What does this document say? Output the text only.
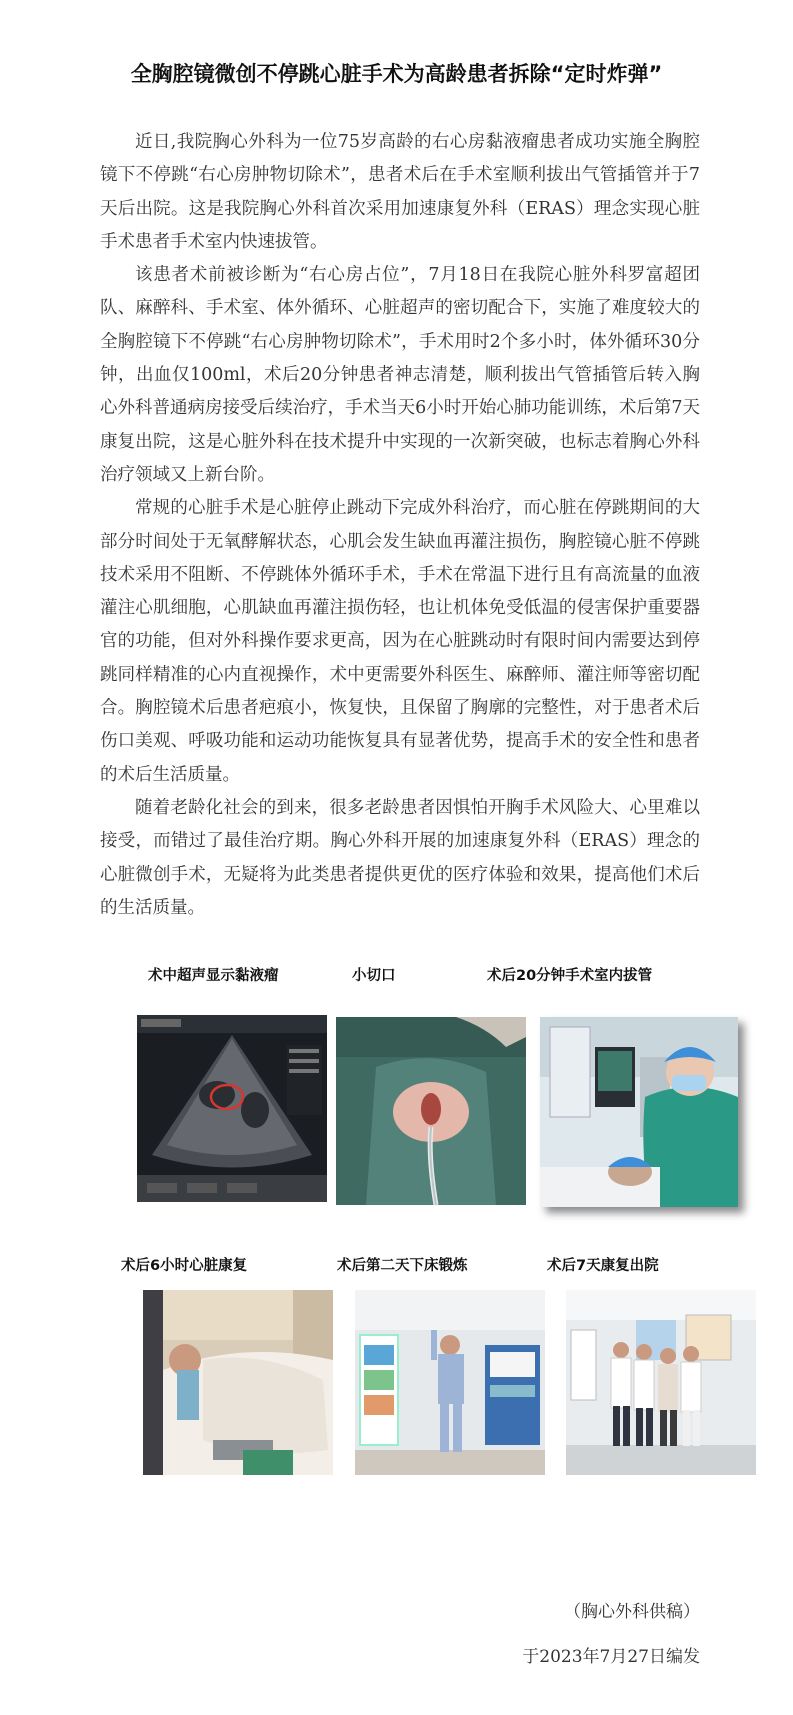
全胸腔镜微创不停跳心脏手术为高龄患者拆除“定时炸弹”

近日,我院胸心外科为一位75岁高龄的右心房黏液瘤患者成功实施全胸腔镜下不停跳“右心房肿物切除术”，患者术后在手术室顺利拔出气管插管并于7天后出院。这是我院胸心外科首次采用加速康复外科（ERAS）理念实现心脏手术患者手术室内快速拔管。

该患者术前被诊断为“右心房占位”，7月18日在我院心脏外科罗富超团队、麻醉科、手术室、体外循环、心脏超声的密切配合下，实施了难度较大的全胸腔镜下不停跳“右心房肿物切除术”，手术用时2个多小时，体外循环30分钟，出血仅100ml，术后20分钟患者神志清楚，顺利拔出气管插管后转入胸心外科普通病房接受后续治疗，手术当天6小时开始心肺功能训练，术后第7天康复出院，这是心脏外科在技术提升中实现的一次新突破，也标志着胸心外科治疗领域又上新台阶。

常规的心脏手术是心脏停止跳动下完成外科治疗，而心脏在停跳期间的大部分时间处于无氧酵解状态，心肌会发生缺血再灌注损伤，胸腔镜心脏不停跳技术采用不阻断、不停跳体外循环手术，手术在常温下进行且有高流量的血液灌注心肌细胞，心肌缺血再灌注损伤轻，也让机体免受低温的侵害保护重要器官的功能，但对外科操作要求更高，因为在心脏跳动时有限时间内需要达到停跳同样精准的心内直视操作，术中更需要外科医生、麻醉师、灌注师等密切配合。胸腔镜术后患者疤痕小，恢复快，且保留了胸廓的完整性，对于患者术后伤口美观、呼吸功能和运动功能恢复具有显著优势，提高手术的安全性和患者的术后生活质量。

随着老龄化社会的到来，很多老龄患者因惧怕开胸手术风险大、心里难以接受，而错过了最佳治疗期。胸心外科开展的加速康复外科（ERAS）理念的心脏微创手术，无疑将为此类患者提供更优的医疗体验和效果，提高他们术后的生活质量。

术中超声显示黏液瘤	小切口	术后20分钟手术室内拔管
术后6小时心脏康复	术后第二天下床锻炼	术后7天康复出院
（胸心外科供稿）
于2023年7月27日编发
